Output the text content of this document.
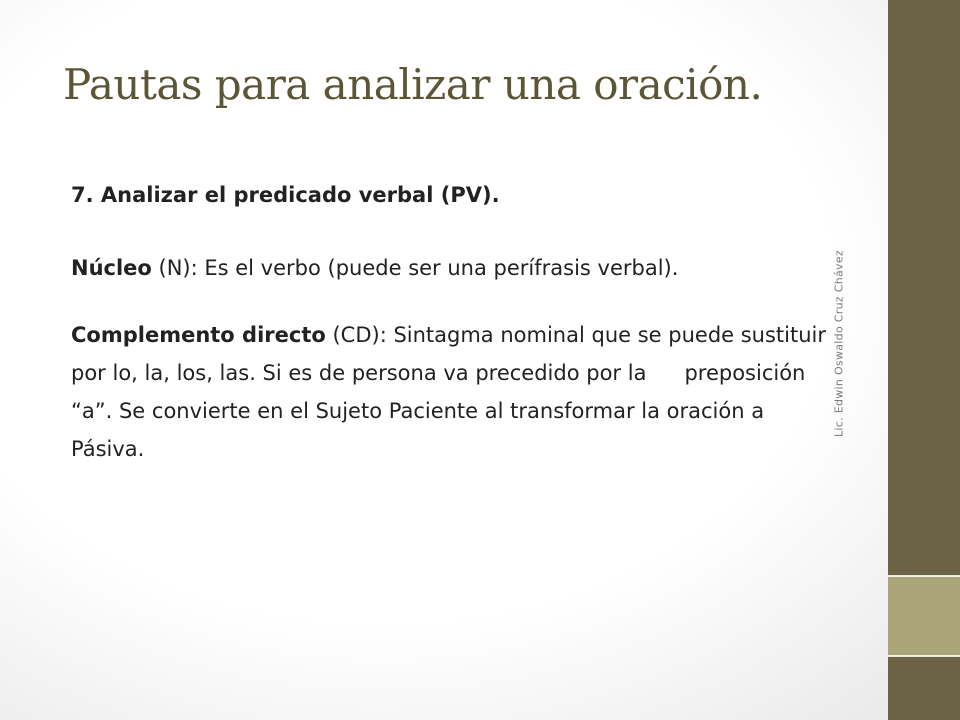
Pautas para analizar una oración.

7. Analizar el predicado verbal (PV).

Núcleo (N): Es el verbo (puede ser una perífrasis verbal).

Complemento directo (CD): Sintagma nominal que se puede sustituir por lo, la, los, las. Si es de persona va precedido por la preposición “a”. Se convierte en el Sujeto Paciente al transformar la oración a Pásiva.

Lic. Edwin Oswaldo Cruz Chávez
